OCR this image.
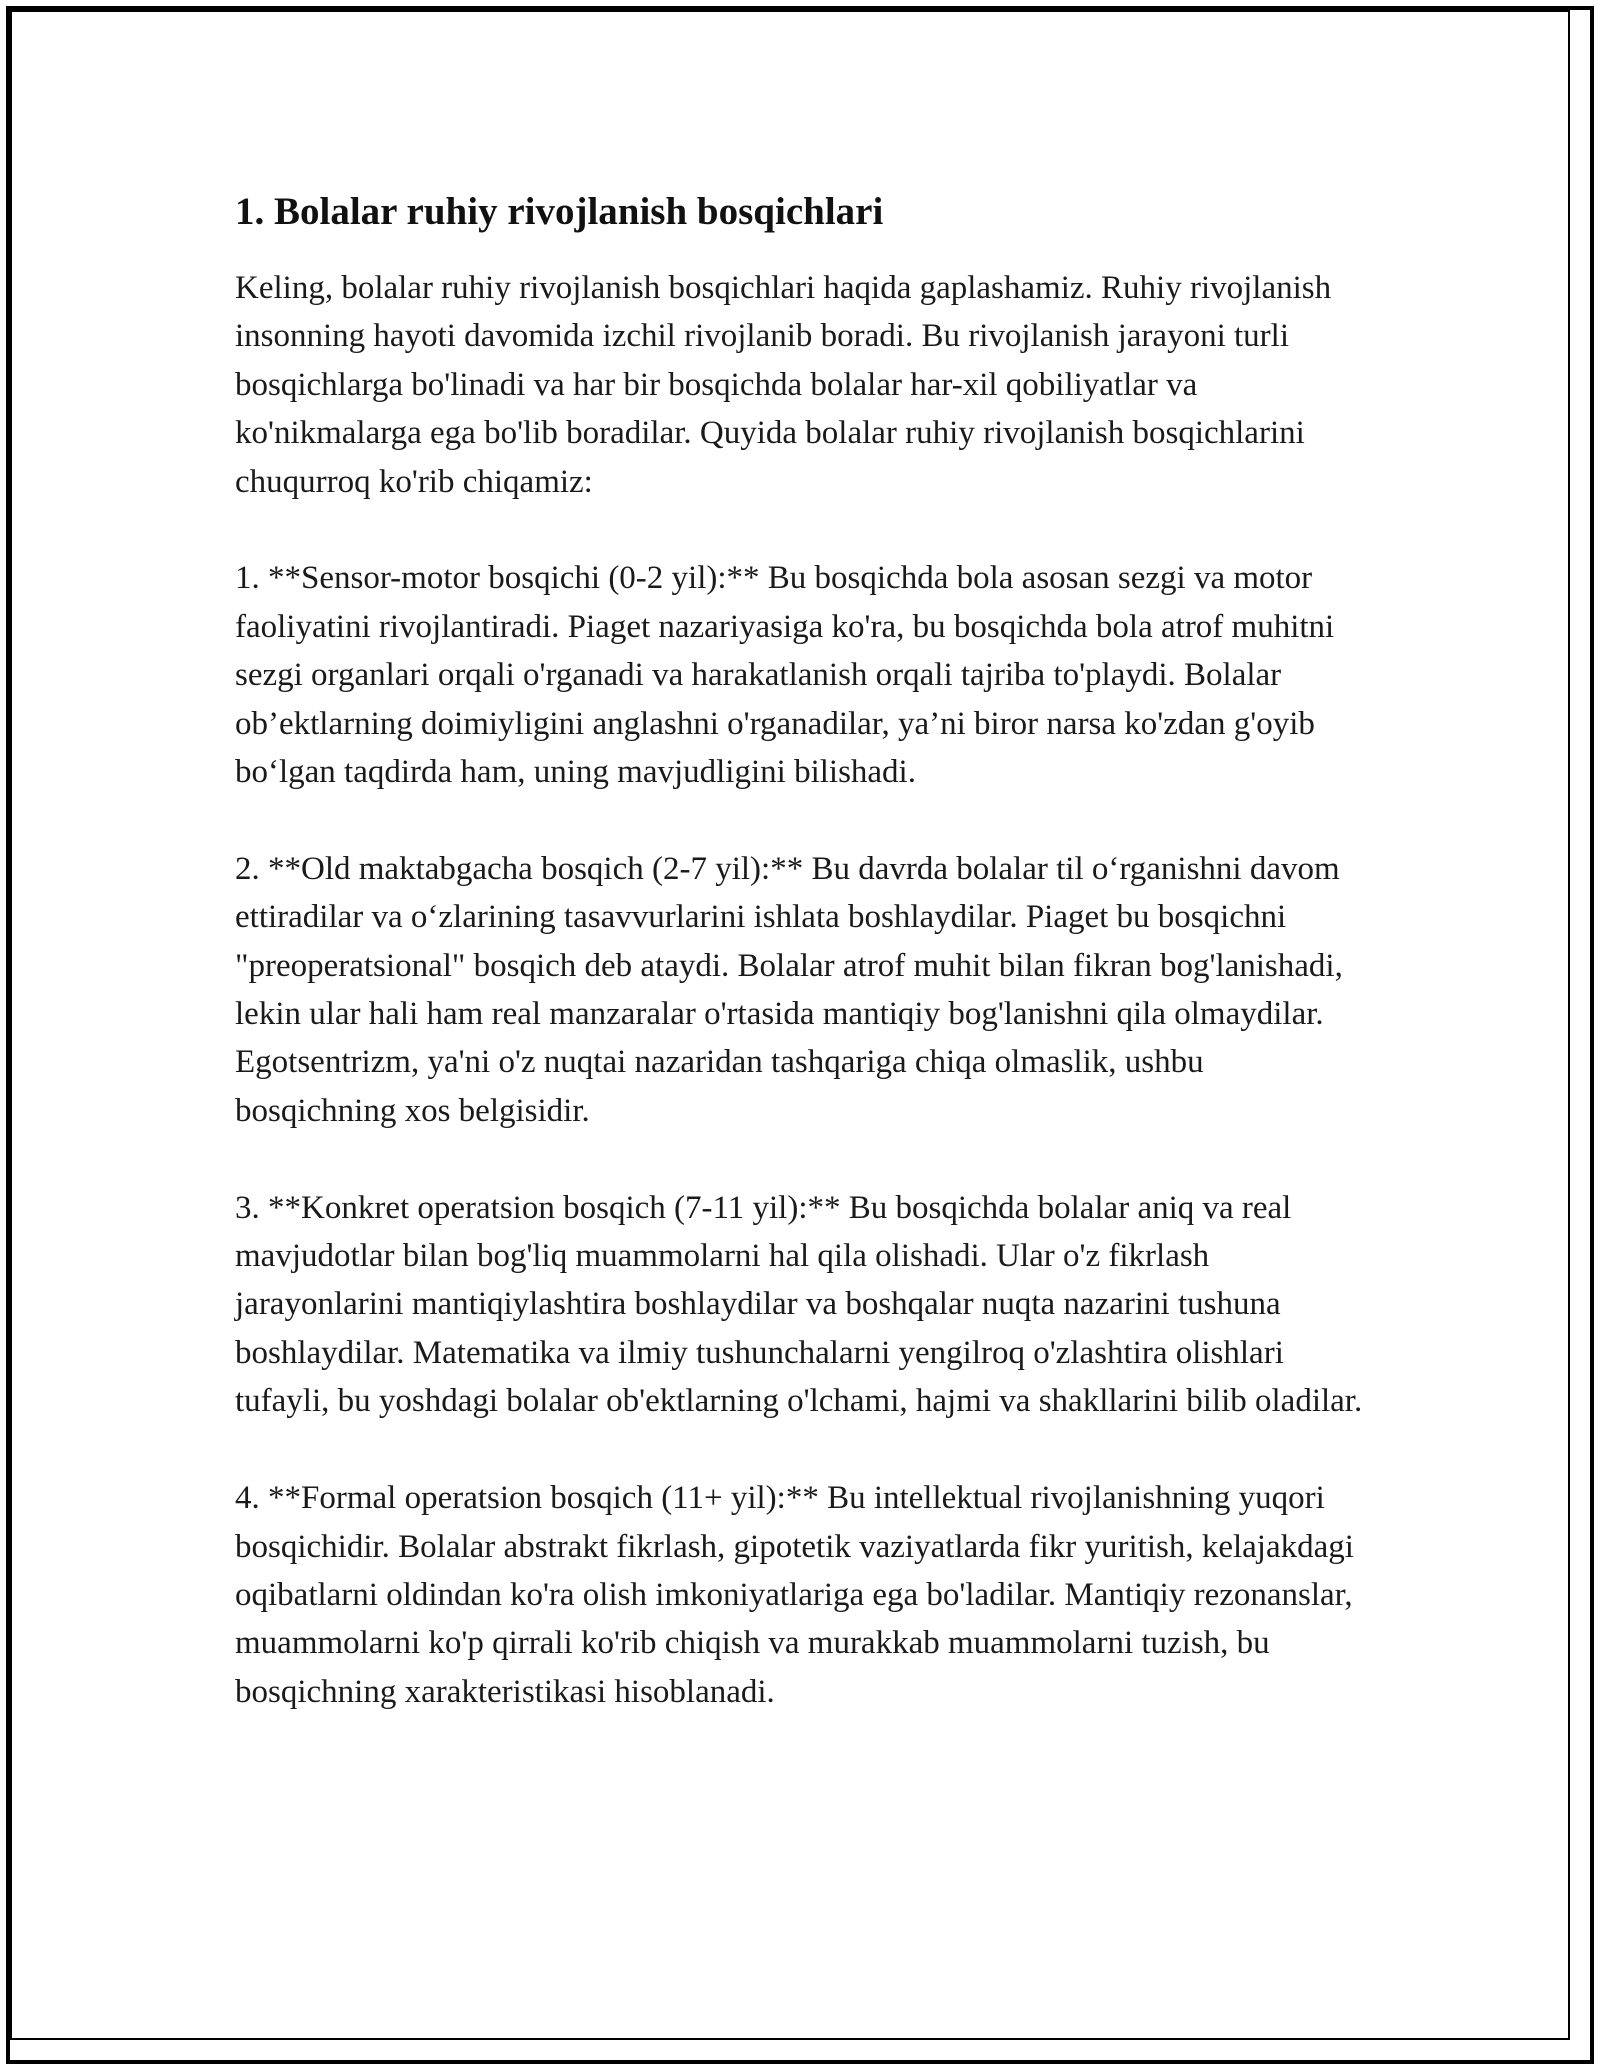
1. Bolalar ruhiy rivojlanish bosqichlari

Keling, bolalar ruhiy rivojlanish bosqichlari haqida gaplashamiz. Ruhiy rivojlanish insonning hayoti davomida izchil rivojlanib boradi. Bu rivojlanish jarayoni turli bosqichlarga bo'linadi va har bir bosqichda bolalar har-xil qobiliyatlar va ko'nikmalarga ega bo'lib boradilar. Quyida bolalar ruhiy rivojlanish bosqichlarini chuqurroq ko'rib chiqamiz:

1. **Sensor-motor bosqichi (0-2 yil):** Bu bosqichda bola asosan sezgi va motor faoliyatini rivojlantiradi. Piaget nazariyasiga ko'ra, bu bosqichda bola atrof muhitni sezgi organlari orqali o'rganadi va harakatlanish orqali tajriba to'playdi. Bolalar ob’ektlarning doimiyligini anglashni o'rganadilar, ya’ni biror narsa ko'zdan g'oyib bo‘lgan taqdirda ham, uning mavjudligini bilishadi.

2. **Old maktabgacha bosqich (2-7 yil):** Bu davrda bolalar til o‘rganishni davom ettiradilar va o‘zlarining tasavvurlarini ishlata boshlaydilar. Piaget bu bosqichni "preoperatsional" bosqich deb ataydi. Bolalar atrof muhit bilan fikran bog'lanishadi, lekin ular hali ham real manzaralar o'rtasida mantiqiy bog'lanishni qila olmaydilar. Egotsentrizm, ya'ni o'z nuqtai nazaridan tashqariga chiqa olmaslik, ushbu bosqichning xos belgisidir.

3. **Konkret operatsion bosqich (7-11 yil):** Bu bosqichda bolalar aniq va real mavjudotlar bilan bog'liq muammolarni hal qila olishadi. Ular o'z fikrlash jarayonlarini mantiqiylashtira boshlaydilar va boshqalar nuqta nazarini tushuna boshlaydilar. Matematika va ilmiy tushunchalarni yengilroq o'zlashtira olishlari tufayli, bu yoshdagi bolalar ob'ektlarning o'lchami, hajmi va shakllarini bilib oladilar.

4. **Formal operatsion bosqich (11+ yil):** Bu intellektual rivojlanishning yuqori bosqichidir. Bolalar abstrakt fikrlash, gipotetik vaziyatlarda fikr yuritish, kelajakdagi oqibatlarni oldindan ko'ra olish imkoniyatlariga ega bo'ladilar. Mantiqiy rezonanslar, muammolarni ko'p qirrali ko'rib chiqish va murakkab muammolarni tuzish, bu bosqichning xarakteristikasi hisoblanadi.
